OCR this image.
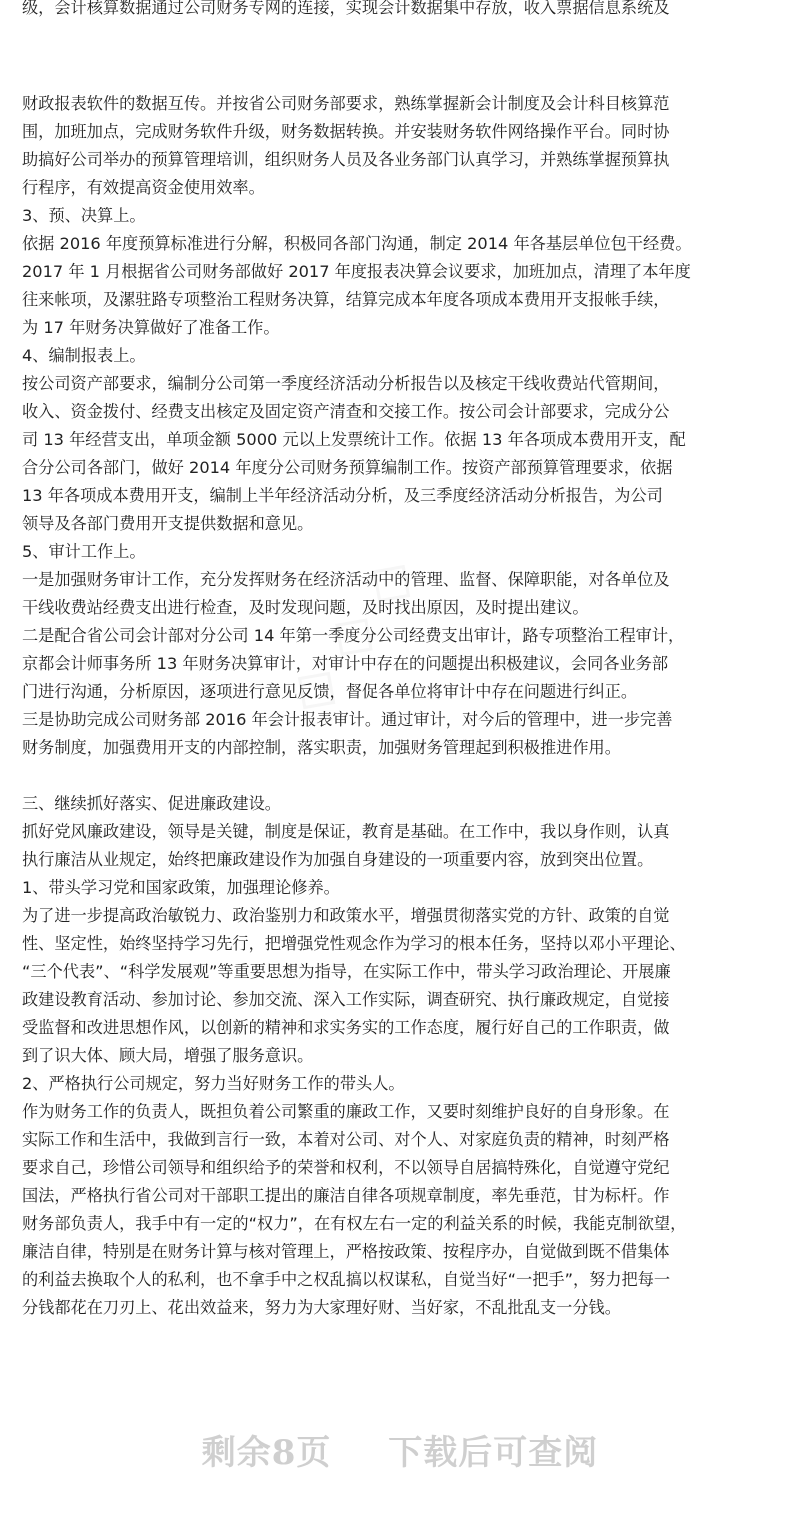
级，会计核算数据通过公司财务专网的连接，实现会计数据集中存放，收入票据信息系统及
财政报表软件的数据互传。并按省公司财务部要求，熟练掌握新会计制度及会计科目核算范
围，加班加点，完成财务软件升级，财务数据转换。并安装财务软件网络操作平台。同时协
助搞好公司举办的预算管理培训，组织财务人员及各业务部门认真学习，并熟练掌握预算执
行程序，有效提高资金使用效率。
3、预、决算上。
依据 2016 年度预算标准进行分解，积极同各部门沟通，制定 2014 年各基层单位包干经费。
2017 年 1 月根据省公司财务部做好 2017 年度报表决算会议要求，加班加点，清理了本年度
往来帐项，及漯驻路专项整治工程财务决算，结算完成本年度各项成本费用开支报帐手续，
为 17 年财务决算做好了准备工作。
4、编制报表上。
按公司资产部要求，编制分公司第一季度经济活动分析报告以及核定干线收费站代管期间，
收入、资金拨付、经费支出核定及固定资产清查和交接工作。按公司会计部要求，完成分公
司 13 年经营支出，单项金额 5000 元以上发票统计工作。依据 13 年各项成本费用开支，配
合分公司各部门，做好 2014 年度分公司财务预算编制工作。按资产部预算管理要求，依据
13 年各项成本费用开支，编制上半年经济活动分析，及三季度经济活动分析报告，为公司
领导及各部门费用开支提供数据和意见。
5、审计工作上。
一是加强财务审计工作，充分发挥财务在经济活动中的管理、监督、保障职能，对各单位及
干线收费站经费支出进行检查，及时发现问题，及时找出原因，及时提出建议。
二是配合省公司会计部对分公司 14 年第一季度分公司经费支出审计，路专项整治工程审计，
京都会计师事务所 13 年财务决算审计，对审计中存在的问题提出积极建议，会同各业务部
门进行沟通，分析原因，逐项进行意见反馈，督促各单位将审计中存在问题进行纠正。
三是协助完成公司财务部 2016 年会计报表审计。通过审计，对今后的管理中，进一步完善
财务制度，加强费用开支的内部控制，落实职责，加强财务管理起到积极推进作用。
三、继续抓好落实、促进廉政建设。
抓好党风廉政建设，领导是关键，制度是保证，教育是基础。在工作中，我以身作则，认真
执行廉洁从业规定，始终把廉政建设作为加强自身建设的一项重要内容，放到突出位置。
1、带头学习党和国家政策，加强理论修养。
为了进一步提高政治敏锐力、政治鉴别力和政策水平，增强贯彻落实党的方针、政策的自觉
性、坚定性，始终坚持学习先行，把增强党性观念作为学习的根本任务，坚持以邓小平理论、
“三个代表”、“科学发展观”等重要思想为指导，在实际工作中，带头学习政治理论、开展廉
政建设教育活动、参加讨论、参加交流、深入工作实际，调查研究、执行廉政规定，自觉接
受监督和改进思想作风，以创新的精神和求实务实的工作态度，履行好自己的工作职责，做
到了识大体、顾大局，增强了服务意识。
2、严格执行公司规定，努力当好财务工作的带头人。
作为财务工作的负责人，既担负着公司繁重的廉政工作，又要时刻维护良好的自身形象。在
实际工作和生活中，我做到言行一致，本着对公司、对个人、对家庭负责的精神，时刻严格
要求自己，珍惜公司领导和组织给予的荣誉和权利，不以领导自居搞特殊化，自觉遵守党纪
国法，严格执行省公司对干部职工提出的廉洁自律各项规章制度，率先垂范，甘为标杆。作
财务部负责人，我手中有一定的“权力”，在有权左右一定的利益关系的时候，我能克制欲望，
廉洁自律，特别是在财务计算与核对管理上，严格按政策、按程序办，自觉做到既不借集体
的利益去换取个人的私利，也不拿手中之权乱搞以权谋私，自觉当好“一把手”，努力把每一
分钱都花在刀刃上、花出效益来，努力为大家理好财、当好家，不乱批乱支一分钱。
剩余8页 下载后可查阅
